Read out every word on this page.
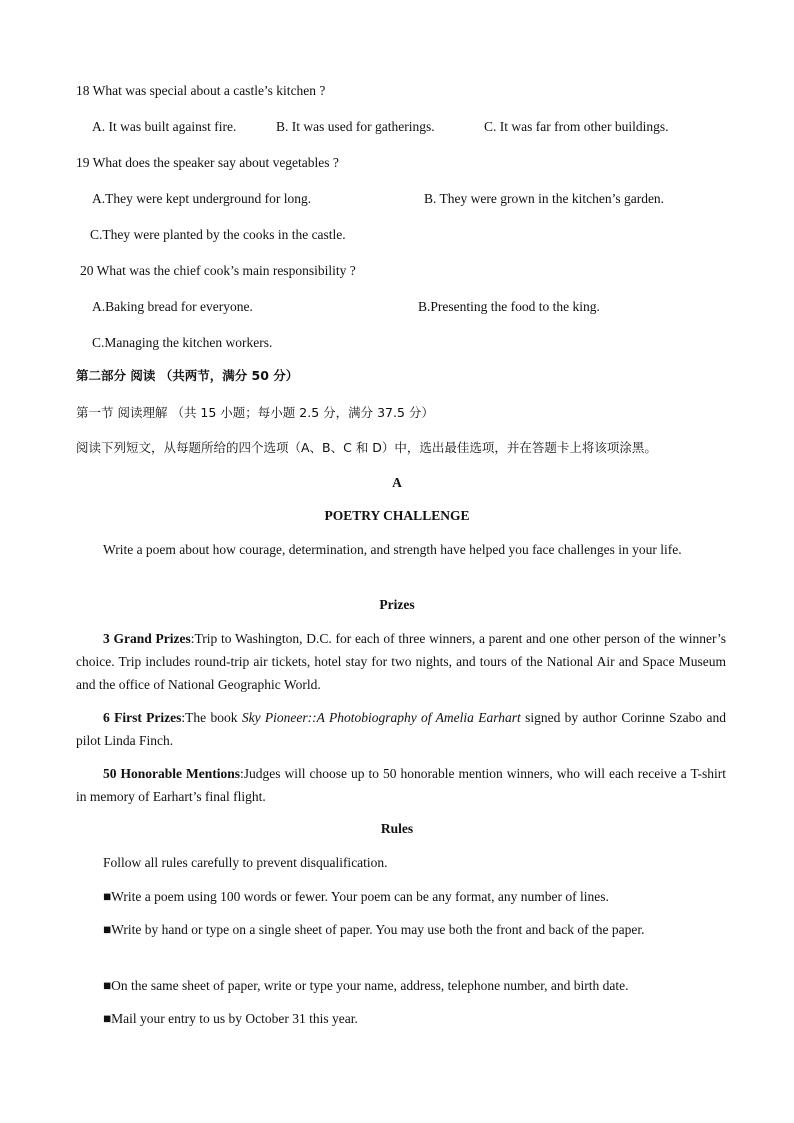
18 What was special about a castle’s kitchen ?
A. It was built against fire.	B. It was used for gatherings.	C. It was far from other buildings.
19 What does the speaker say about vegetables ?
A.They were kept underground for long.	B. They were grown in the kitchen’s garden.
C.They were planted by the cooks in the castle.
20 What was the chief cook’s main responsibility ?
A.Baking bread for everyone.	B.Presenting the food to the king.
C.Managing the kitchen workers.
第二部分 阅读 （共两节，满分 50 分）
第一节 阅读理解 （共 15 小题；每小题 2.5 分，满分 37.5 分）
阅读下列短文，从每题所给的四个选项（A、B、C 和 D）中，选出最佳选项，并在答题卡上将该项涂黑。
A
POETRY CHALLENGE
Write a poem about how courage, determination, and strength have helped you face challenges in your life.
Prizes
3 Grand Prizes:Trip to Washington, D.C. for each of three winners, a parent and one other person of the winner’s choice. Trip includes round-trip air tickets, hotel stay for two nights, and tours of the National Air and Space Museum and the office of National Geographic World.
6 First Prizes:The book Sky Pioneer::A Photobiography of Amelia Earhart signed by author Corinne Szabo and pilot Linda Finch.
50 Honorable Mentions:Judges will choose up to 50 honorable mention winners, who will each receive a T-shirt in memory of Earhart’s final flight.
Rules
Follow all rules carefully to prevent disqualification.
■Write a poem using 100 words or fewer. Your poem can be any format, any number of lines.
■Write by hand or type on a single sheet of paper. You may use both the front and back of the paper.
■On the same sheet of paper, write or type your name, address, telephone number, and birth date.
■Mail your entry to us by October 31 this year.
